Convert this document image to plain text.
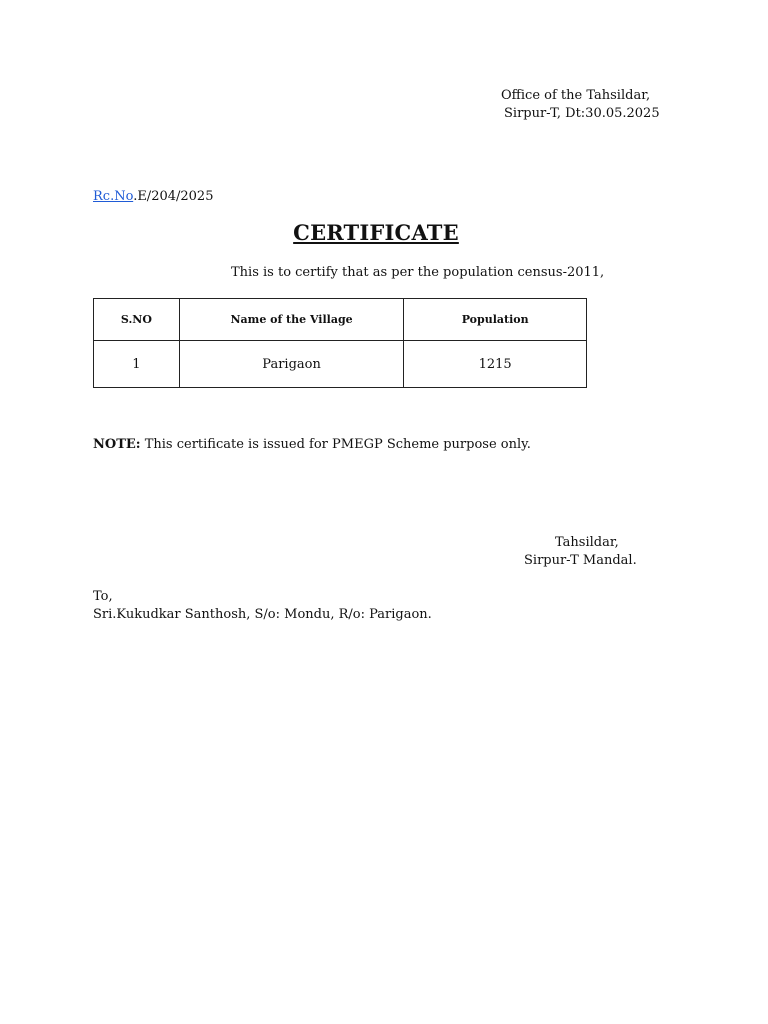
Office of the Tahsildar,
Sirpur-T, Dt:30.05.2025
Rc.No.E/204/2025
CERTIFICATE
This is to certify that as per the population census-2011,
S.NO	Name of the Village	Population
1	Parigaon	1215
NOTE: This certificate is issued for PMEGP Scheme purpose only.
Tahsildar,
Sirpur-T Mandal.
To,
Sri.Kukudkar Santhosh, S/o: Mondu, R/o: Parigaon.
